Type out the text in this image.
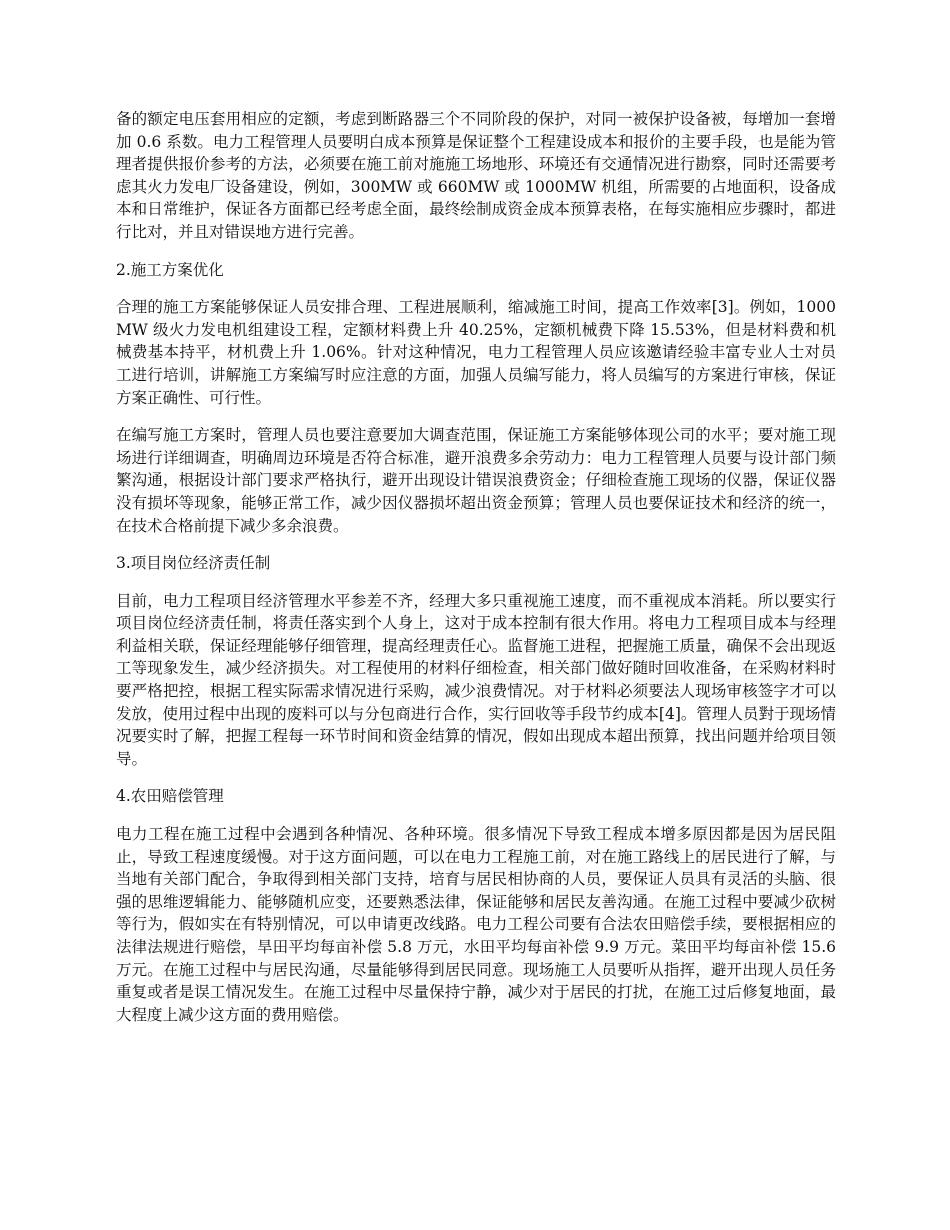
备的额定电压套用相应的定额，考虑到断路器三个不同阶段的保护，对同一被保护设备被，每增加一套增加 0.6 系数。电力工程管理人员要明白成本预算是保证整个工程建设成本和报价的主要手段，也是能为管理者提供报价参考的方法，必须要在施工前对施施工场地形、环境还有交通情况进行勘察，同时还需要考虑其火力发电厂设备建设，例如，300MW 或 660MW 或 1000MW 机组，所需要的占地面积，设备成本和日常维护，保证各方面都已经考虑全面，最终绘制成资金成本预算表格，在每实施相应步骤时，都进行比对，并且对错误地方进行完善。

2.施工方案优化

合理的施工方案能够保证人员安排合理、工程进展顺利，缩减施工时间，提高工作效率[3]。例如，1000MW 级火力发电机组建设工程，定额材料费上升 40.25%，定额机械费下降 15.53%，但是材料费和机械费基本持平，材机费上升 1.06%。针对这种情况，电力工程管理人员应该邀请经验丰富专业人士对员工进行培训，讲解施工方案编写时应注意的方面，加强人员编写能力，将人员编写的方案进行审核，保证方案正确性、可行性。

在编写施工方案时，管理人员也要注意要加大调查范围，保证施工方案能够体现公司的水平；要对施工现场进行详细调查，明确周边环境是否符合标准，避开浪费多余劳动力：电力工程管理人员要与设计部门频繁沟通，根据设计部门要求严格执行，避开出现设计错误浪费资金；仔细检查施工现场的仪器，保证仪器没有损坏等现象，能够正常工作，减少因仪器损坏超出资金预算；管理人员也要保证技术和经济的统一，在技术合格前提下减少多余浪费。

3.项目岗位经济责任制

目前，电力工程项目经济管理水平参差不齐，经理大多只重视施工速度，而不重视成本消耗。所以要实行项目岗位经济责任制，将责任落实到个人身上，这对于成本控制有很大作用。将电力工程项目成本与经理利益相关联，保证经理能够仔细管理，提高经理责任心。监督施工进程，把握施工质量，确保不会出现返工等现象发生，减少经济损失。对工程使用的材料仔细检查，相关部门做好随时回收准备，在采购材料时要严格把控，根据工程实际需求情况进行采购，减少浪费情况。对于材料必须要法人现场审核签字才可以发放，使用过程中出现的废料可以与分包商进行合作，实行回收等手段节约成本[4]。管理人员對于现场情况要实时了解，把握工程每一环节时间和资金结算的情况，假如出现成本超出预算，找出问题并给项目领导。

4.农田赔偿管理

电力工程在施工过程中会遇到各种情况、各种环境。很多情况下导致工程成本增多原因都是因为居民阻止，导致工程速度缓慢。对于这方面问题，可以在电力工程施工前，对在施工路线上的居民进行了解，与当地有关部门配合，争取得到相关部门支持，培育与居民相协商的人员，要保证人员具有灵活的头脑、很强的思维逻辑能力、能够随机应变，还要熟悉法律，保证能够和居民友善沟通。在施工过程中要减少砍树等行为，假如实在有特别情况，可以申请更改线路。电力工程公司要有合法农田赔偿手续，要根据相应的法律法规进行赔偿，旱田平均每亩补偿 5.8 万元，水田平均每亩补偿 9.9 万元。菜田平均每亩补偿 15.6 万元。在施工过程中与居民沟通，尽量能够得到居民同意。现场施工人员要听从指挥，避开出现人员任务重复或者是误工情况发生。在施工过程中尽量保持宁静，减少对于居民的打扰，在施工过后修复地面，最大程度上减少这方面的费用赔偿。
